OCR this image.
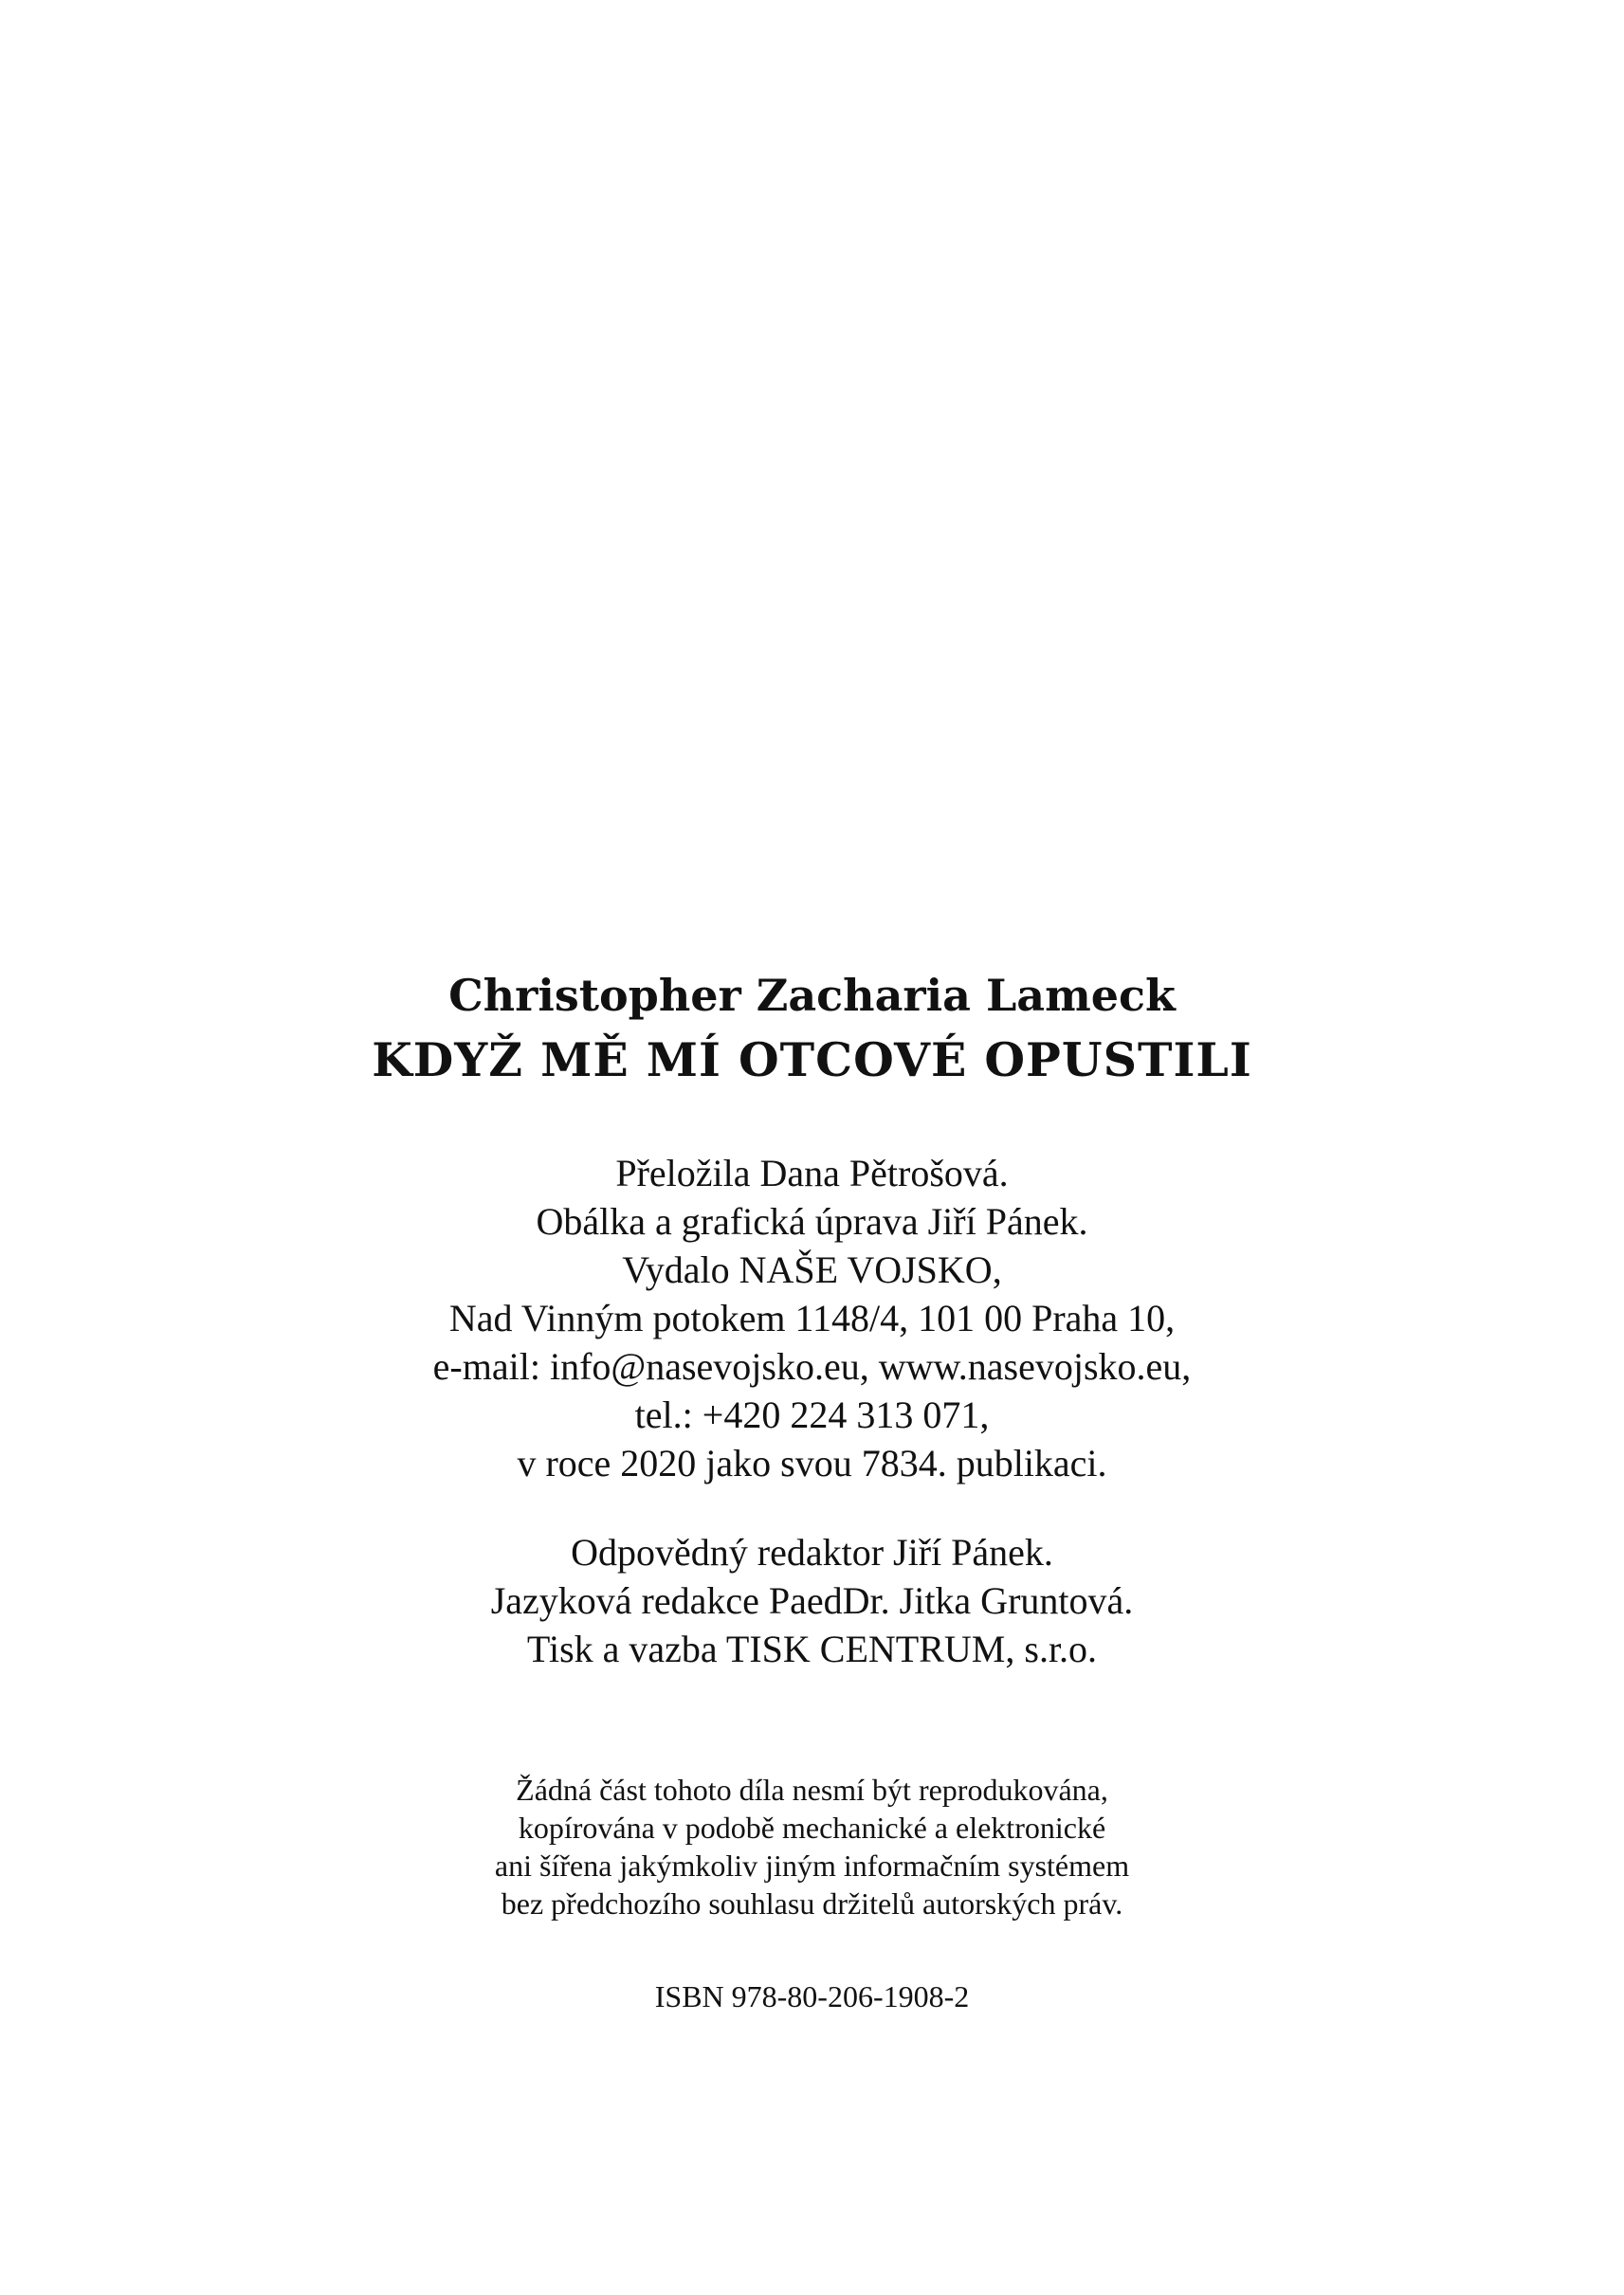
Christopher Zacharia Lameck
KDYŽ MĚ MÍ OTCOVÉ OPUSTILI
Přeložila Dana Pětrošová.
Obálka a grafická úprava Jiří Pánek.
Vydalo NAŠE VOJSKO,
Nad Vinným potokem 1148/4, 101 00 Praha 10,
e-mail: info@nasevojsko.eu, www.nasevojsko.eu,
tel.: +420 224 313 071,
v roce 2020 jako svou 7834. publikaci.
Odpovědný redaktor Jiří Pánek.
Jazyková redakce PaedDr. Jitka Gruntová.
Tisk a vazba TISK CENTRUM, s.r.o.
Žádná část tohoto díla nesmí být reprodukována,
kopírována v podobě mechanické a elektronické
ani šířena jakýmkoliv jiným informačním systémem
bez předchozího souhlasu držitelů autorských práv.
ISBN 978-80-206-1908-2
